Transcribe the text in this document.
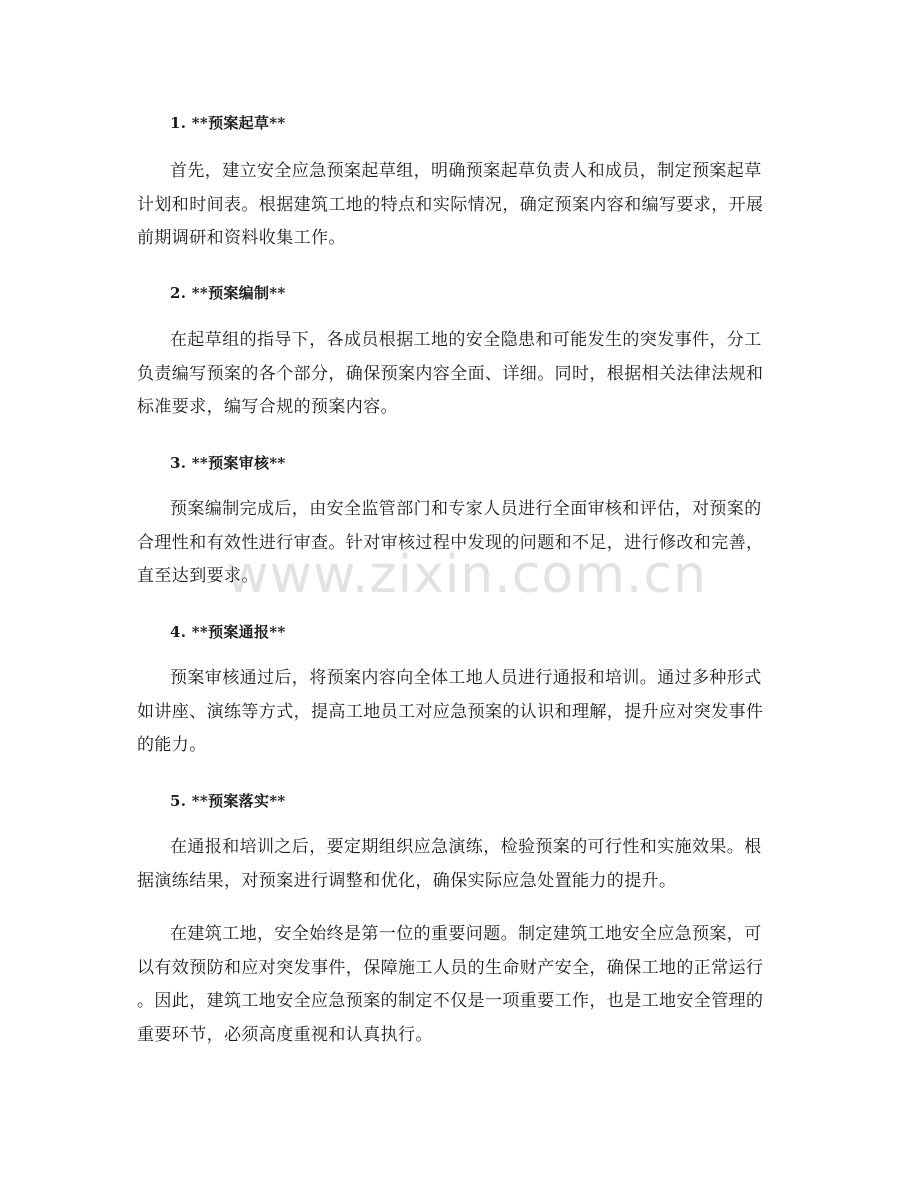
1. **预案起草**
首先，建立安全应急预案起草组，明确预案起草负责人和成员，制定预案起草
计划和时间表。根据建筑工地的特点和实际情况，确定预案内容和编写要求，开展
前期调研和资料收集工作。
2. **预案编制**
在起草组的指导下，各成员根据工地的安全隐患和可能发生的突发事件，分工
负责编写预案的各个部分，确保预案内容全面、详细。同时，根据相关法律法规和
标准要求，编写合规的预案内容。
3. **预案审核**
预案编制完成后，由安全监管部门和专家人员进行全面审核和评估，对预案的
合理性和有效性进行审查。针对审核过程中发现的问题和不足，进行修改和完善，
直至达到要求。
4. **预案通报**
预案审核通过后，将预案内容向全体工地人员进行通报和培训。通过多种形式
如讲座、演练等方式，提高工地员工对应急预案的认识和理解，提升应对突发事件
的能力。
5. **预案落实**
在通报和培训之后，要定期组织应急演练，检验预案的可行性和实施效果。根
据演练结果，对预案进行调整和优化，确保实际应急处置能力的提升。
在建筑工地，安全始终是第一位的重要问题。制定建筑工地安全应急预案，可
以有效预防和应对突发事件，保障施工人员的生命财产安全，确保工地的正常运行
。因此，建筑工地安全应急预案的制定不仅是一项重要工作，也是工地安全管理的
重要环节，必须高度重视和认真执行。
www.zixin.com.cn
